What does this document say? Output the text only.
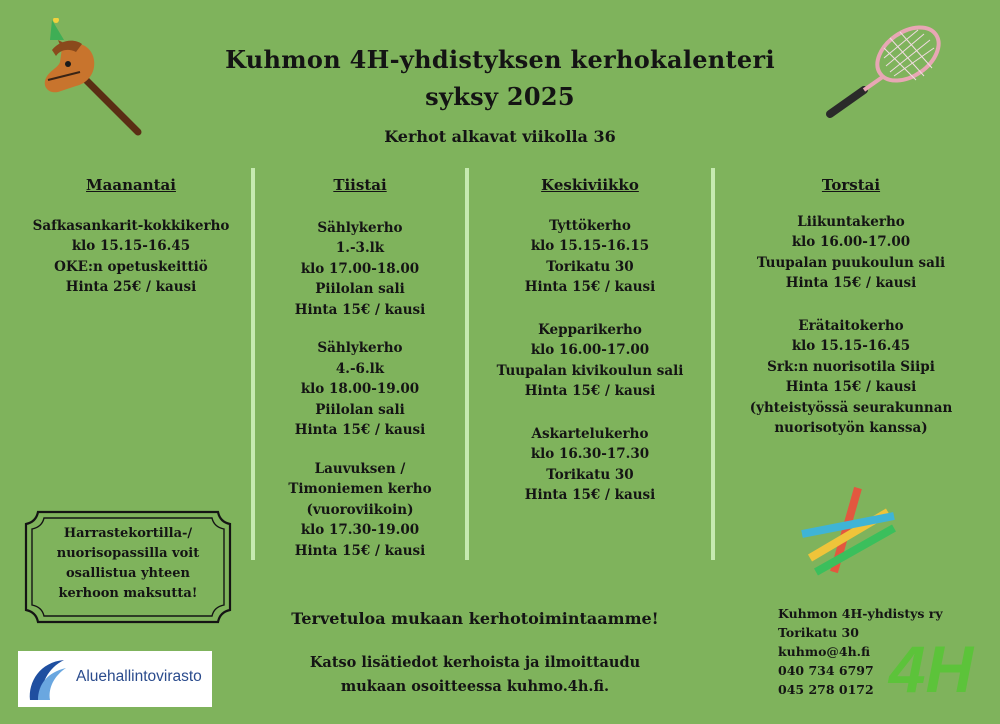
Kuhmon 4H-yhdistyksen kerhokalenteri
syksy 2025
Kerhot alkavat viikolla 36
Maanantai
Safkasankarit-kokkikerho
klo 15.15-16.45
OKE:n opetuskeittiö
Hinta 25€ / kausi
Tiistai
Sählykerho
1.-3.lk
klo 17.00-18.00
Piilolan sali
Hinta 15€ / kausi
Sählykerho
4.-6.lk
klo 18.00-19.00
Piilolan sali
Hinta 15€ / kausi
Lauvuksen /
Timoniemen kerho
(vuoroviikoin)
klo 17.30-19.00
Hinta 15€ / kausi
Keskiviikko
Tyttökerho
klo 15.15-16.15
Torikatu 30
Hinta 15€ / kausi
Kepparikerho
klo 16.00-17.00
Tuupalan kivikoulun sali
Hinta 15€ / kausi
Askartelukerho
klo 16.30-17.30
Torikatu 30
Hinta 15€ / kausi
Torstai
Liikuntakerho
klo 16.00-17.00
Tuupalan puukoulun sali
Hinta 15€ / kausi
Erätaitokerho
klo 15.15-16.45
Srk:n nuorisotila Siipi
Hinta 15€ / kausi
(yhteistyössä seurakunnan
nuorisotyön kanssa)
Harrastekortilla-/
nuorisopassilla voit
osallistua yhteen
kerhoon maksutta!
Tervetuloa mukaan kerhotoimintaamme!
Katso lisätiedot kerhoista ja ilmoittaudu
mukaan osoitteessa kuhmo.4h.fi.
Kuhmon 4H-yhdistys ry
Torikatu 30
kuhmo@4h.fi
040 734 6797
045 278 0172
Aluehallintovirasto	4H
